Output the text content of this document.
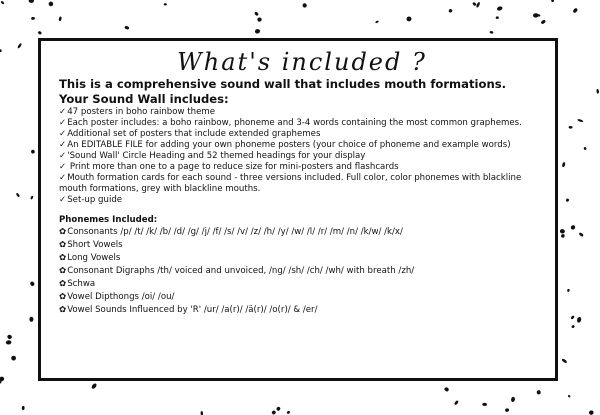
What's included ?

This is a comprehensive sound wall that includes mouth formations.

Your Sound Wall includes:

✓47 posters in boho rainbow theme
✓Each poster includes: a boho rainbow, phoneme and 3-4 words containing the most common graphemes.
✓Additional set of posters that include extended graphemes
✓An EDITABLE FILE for adding your own phoneme posters (your choice of phoneme and example words)
✓'Sound Wall' Circle Heading and 52 themed headings for your display
✓ Print more than one to a page to reduce size for mini-posters and flashcards
✓Mouth formation cards for each sound - three versions included. Full color, color phonemes with blackline mouth formations, grey with blackline mouths.
✓Set-up guide

Phonemes Included:

✿Consonants /p/ /t/ /k/ /b/ /d/ /g/ /j/ /f/ /s/ /v/ /z/ /h/ /y/ /w/ /l/ /r/ /m/ /n/ /k/w/ /k/x/
✿Short Vowels
✿Long Vowels
✿Consonant Digraphs /th/ voiced and unvoiced, /ng/ /sh/ /ch/ /wh/ with breath /zh/
✿Schwa
✿Vowel Dipthongs /oi/ /ou/
✿Vowel Sounds Influenced by 'R' /ur/ /a(r)/ /ä(r)/ /o(r)/ & /er/
